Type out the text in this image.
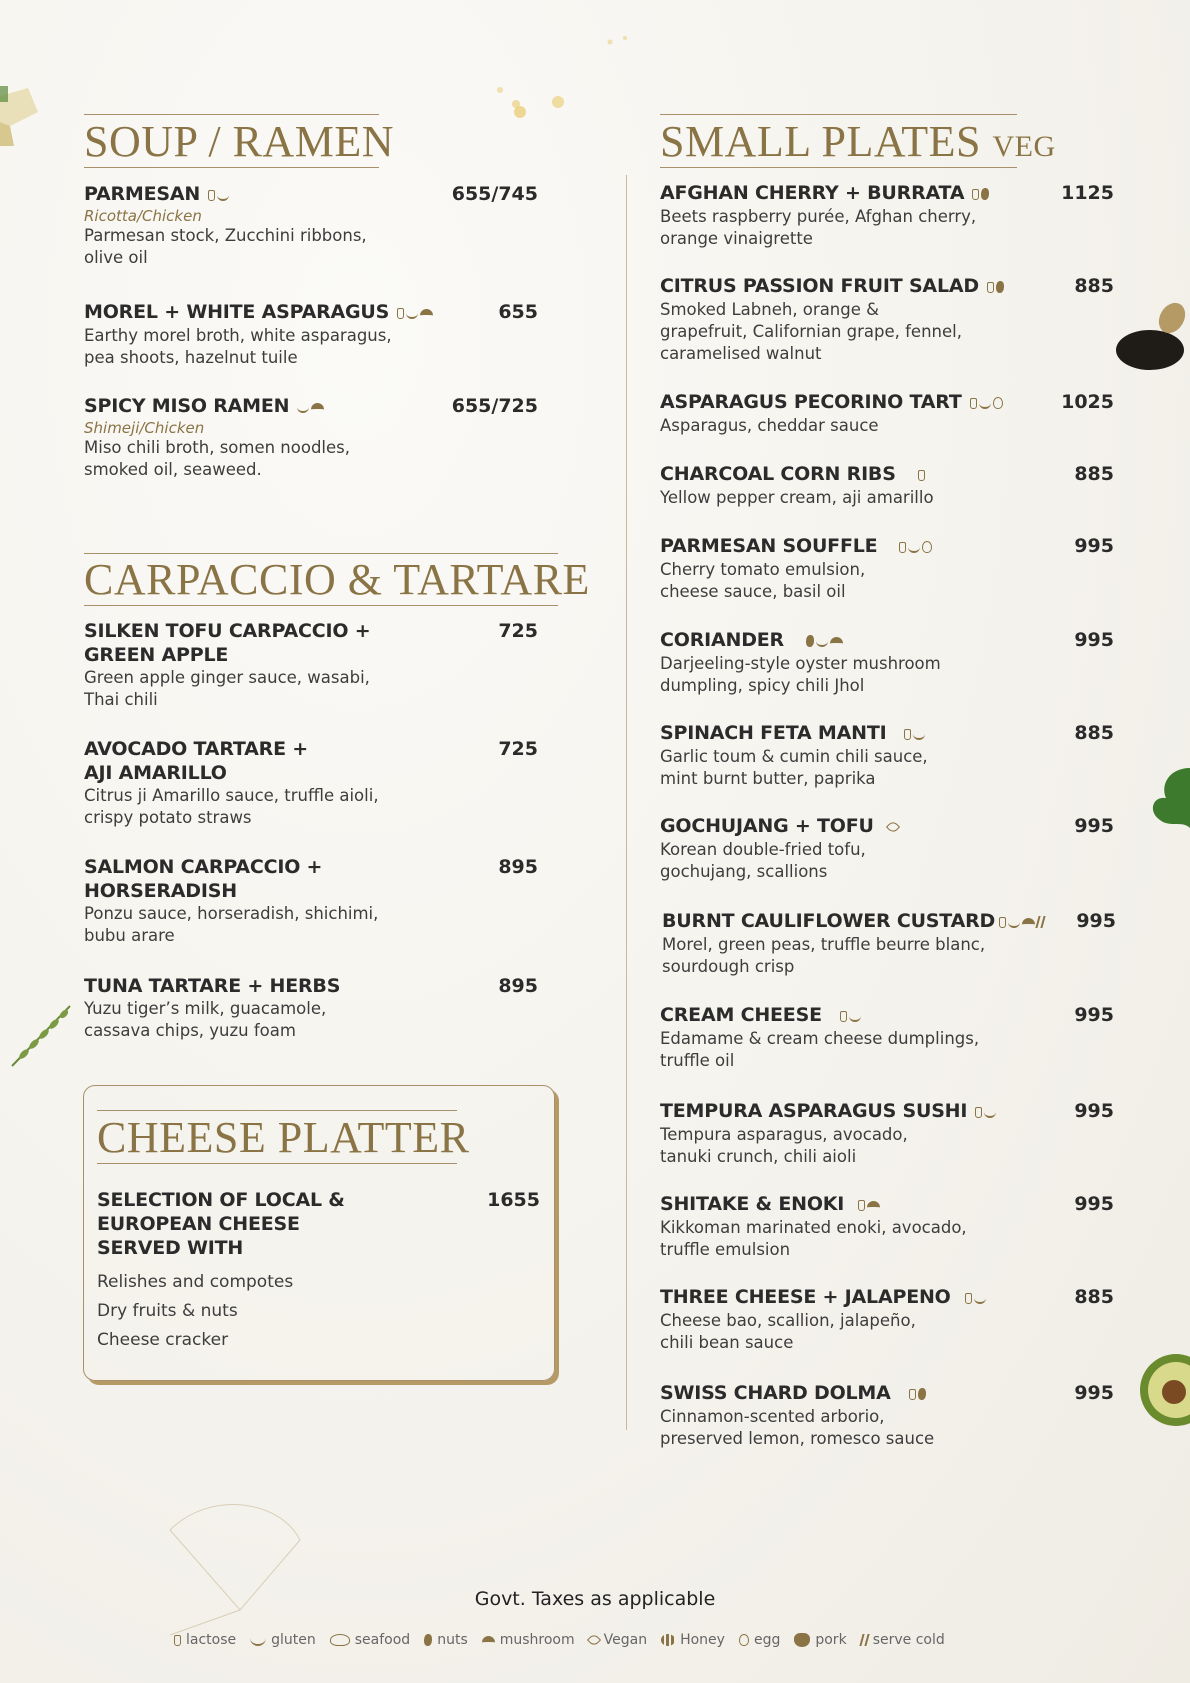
SOUP / RAMEN
PARMESAN
Ricotta/Chicken
Parmesan stock, Zucchini ribbons,
olive oil
655/745
MOREL + WHITE ASPARAGUS
Earthy morel broth, white asparagus,
pea shoots, hazelnut tuile
655
SPICY MISO RAMEN
Shimeji/Chicken
Miso chili broth, somen noodles,
smoked oil, seaweed.
655/725
CARPACCIO & TARTARE
SILKEN TOFU CARPACCIO +
GREEN APPLE
Green apple ginger sauce, wasabi,
Thai chili
725
AVOCADO TARTARE +
AJI AMARILLO
Citrus ji Amarillo sauce, truffle aioli,
crispy potato straws
725
SALMON CARPACCIO +
HORSERADISH
Ponzu sauce, horseradish, shichimi,
bubu arare
895
TUNA TARTARE + HERBS
Yuzu tiger’s milk, guacamole,
cassava chips, yuzu foam
895
CHEESE PLATTER
SELECTION OF LOCAL &
EUROPEAN CHEESE
SERVED WITH
1655
Relishes and compotes
Dry fruits & nuts
Cheese cracker
SMALL PLATES VEG
AFGHAN CHERRY + BURRATA
Beets raspberry purée, Afghan cherry,
orange vinaigrette
1125
CITRUS PASSION FRUIT SALAD
Smoked Labneh, orange &
grapefruit, Californian grape, fennel,
caramelised walnut
885
ASPARAGUS PECORINO TART
Asparagus, cheddar sauce
1025
CHARCOAL CORN RIBS
Yellow pepper cream, aji amarillo
885
PARMESAN SOUFFLE
Cherry tomato emulsion,
cheese sauce, basil oil
995
CORIANDER
Darjeeling-style oyster mushroom
dumpling, spicy chili Jhol
995
SPINACH FETA MANTI
Garlic toum & cumin chili sauce,
mint burnt butter, paprika
885
GOCHUJANG + TOFU
Korean double-fried tofu,
gochujang, scallions
995
BURNT CAULIFLOWER CUSTARD
Morel, green peas, truffle beurre blanc,
sourdough crisp
995
CREAM CHEESE
Edamame & cream cheese dumplings,
truffle oil
995
TEMPURA ASPARAGUS SUSHI
Tempura asparagus, avocado,
tanuki crunch, chili aioli
995
SHITAKE & ENOKI
Kikkoman marinated enoki, avocado,
truffle emulsion
995
THREE CHEESE + JALAPENO
Cheese bao, scallion, jalapeño,
chili bean sauce
885
SWISS CHARD DOLMA
Cinnamon-scented arborio,
preserved lemon, romesco sauce
995
Govt. Taxes as applicable
lactose	gluten	seafood nuts mushroom Vegan Honey egg	pork serve cold
